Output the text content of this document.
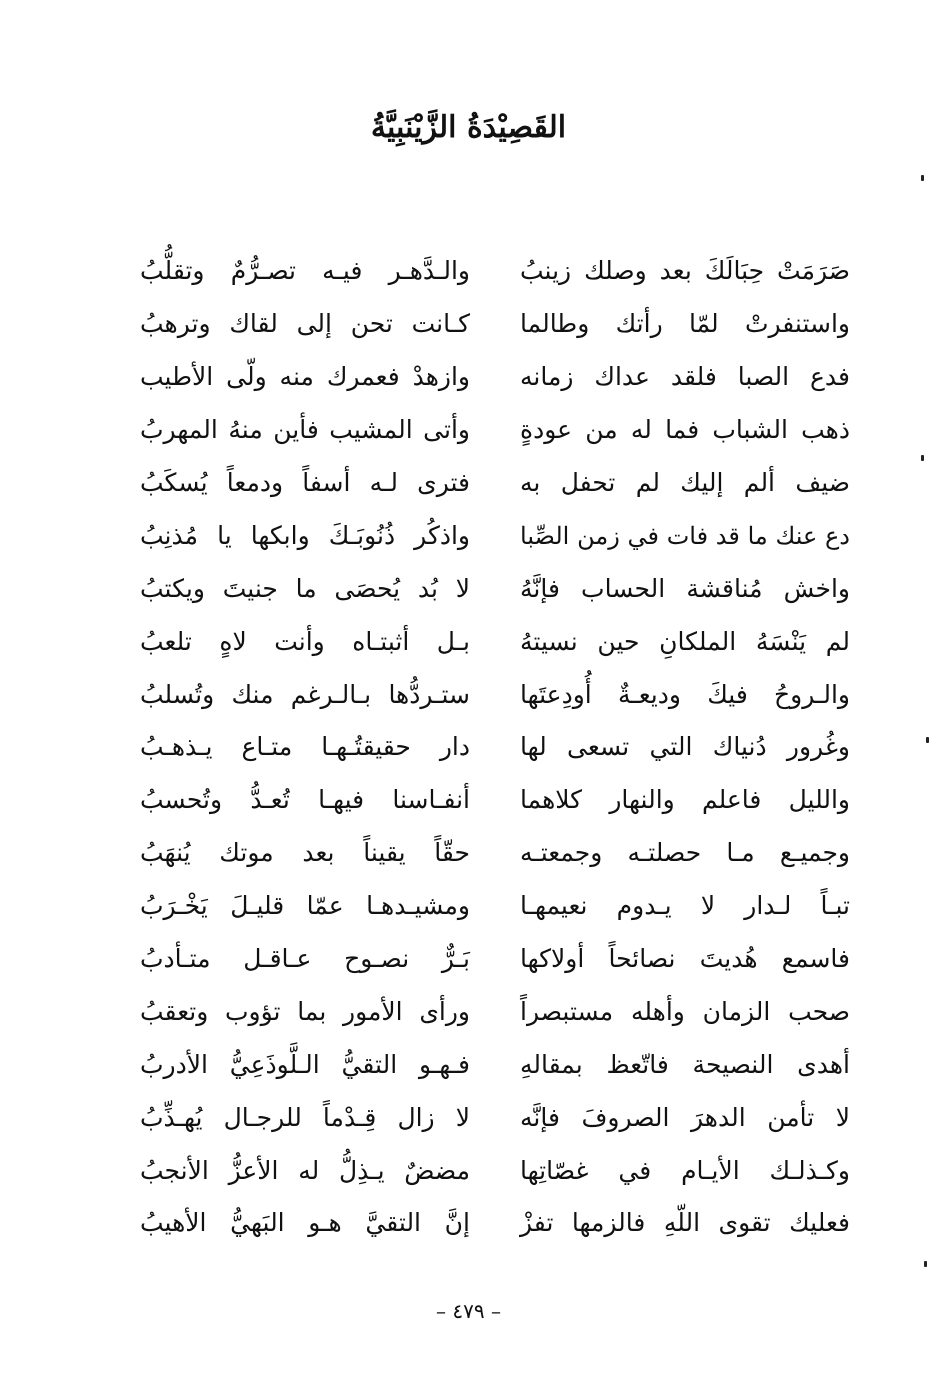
القَصِيْدَةُ الزَّيْنَبِيَّةُ
صَرَمَتْ حِبَالَكَ بعد وصلك زينبُ
والـدَّهـر فيـه تصـرُّمٌ وتقلُّبُ
واستنفرتْ لمّا رأتك وطالما
كـانت تحن إلى لقاك وترهبُ
فدع الصبا فلقد عداك زمانه
وازهدْ فعمرك منه ولّى الأطيب
ذهب الشباب فما له من عودةٍ
وأتى المشيب فأين منهُ المهربُ
ضيف ألم إليك لم تحفل به
فترى لـه أسفاً ودمعاً يُسكَبُ
دع عنك ما قد فات في زمن الصِّبا
واذكُر ذُنُوبَـكَ وابكها يا مُذنِبُ
واخش مُناقشة الحساب فإنَّهُ
لا بُد يُحصَى ما جنيتَ ويكتبُ
لم يَنْسَهُ الملكانِ حين نسيتهُ
بـل أثبتـاه وأنت لاهٍ تلعبُ
والـروحُ فيكَ وديعـةٌ أُودِعتَها
ستـردُّها بـالـرغم منك وتُسلبُ
وغُرور دُنياك التي تسعى لها
دار حقيقتُـهـا متـاع يـذهـبُ
والليل فاعلم والنهار كلاهما
أنفـاسنا فيهـا تُعـدُّ وتُحسبُ
وجميـع مـا حصلتـه وجمعتـه
حقّاً يقيناً بعد موتك يُنهَبُ
تبـاً لـدار لا يـدوم نعيمهـا
ومشيـدهـا عمّا قليـلَ يَخْـرَبُ
فاسمع هُديتَ نصائحاً أولاكها
بَـرٌّ نصـوح عـاقـل متـأدبُ
صحب الزمان وأهله مستبصراً
ورأى الأمور بما تؤوب وتعقبُ
أهدى النصيحة فاتّعظ بمقالهِ
فـهـو التقيُّ الـلَّوذَعِيُّ الأدربُ
لا تأمن الدهرَ الصروفَ فإنَّه
لا زال قِـدْماً للرجـال يُهـذِّبُ
وكـذلـك الأيـام في غصّاتِها
مضضٌ يـذِلُّ له الأعزُّ الأنجبُ
فعليك تقوى اللّهِ فالزمها تفزْ
إنَّ التقيَّ هـو البَهيُّ الأهيبُ
– ٤٧٩ –
